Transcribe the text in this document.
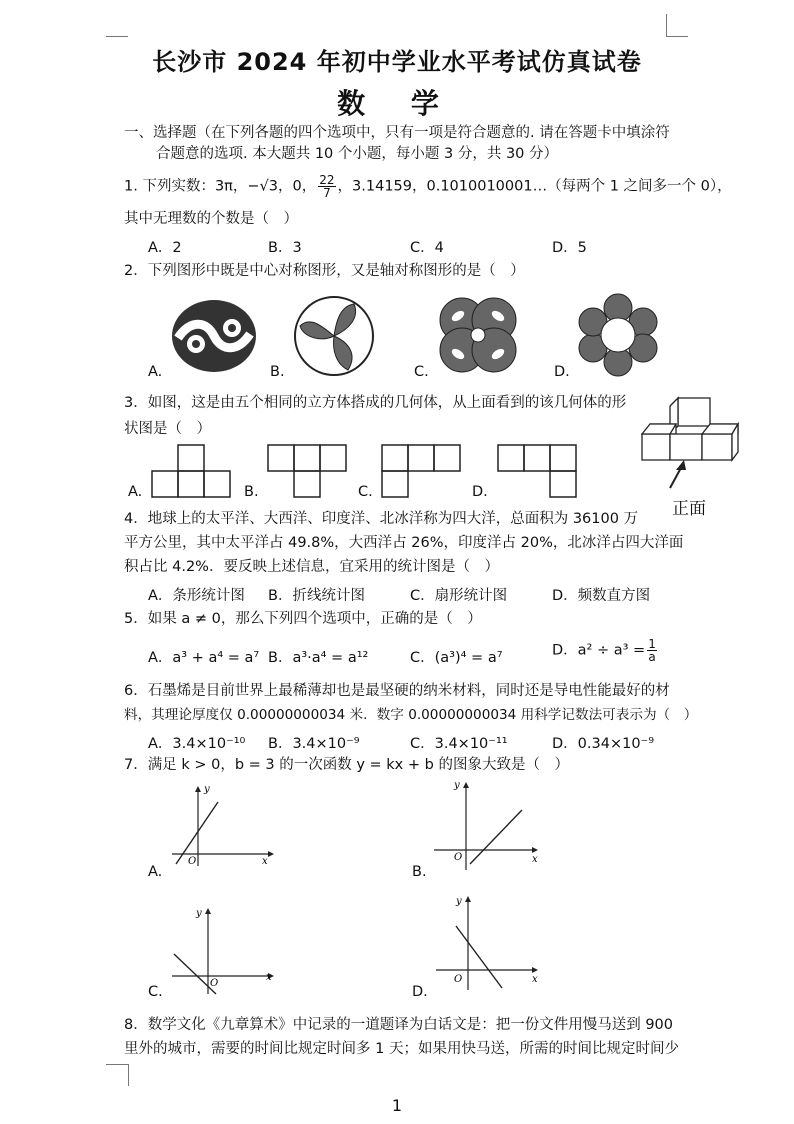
长沙市 2024 年初中学业水平考试仿真试卷
数 学
一、选择题（在下列各题的四个选项中，只有一项是符合题意的. 请在答题卡中填涂符
合题意的选项. 本大题共 10 个小题，每小题 3 分，共 30 分）
1. 下列实数：3π，−√3，0， $\frac{22}{7}$ ，3.14159，0.1010010001…（每两个 1 之间多一个 0），
其中无理数的个数是（　）
A．2	B．3	C．4	D．5
2．下列图形中既是中心对称图形，又是轴对称图形的是（　）
A.	B.	C.	D.
3．如图，这是由五个相同的立方体搭成的几何体，从上面看到的该几何体的形
状图是（　）
A.	B.	C.	D.
正面
4．地球上的太平洋、大西洋、印度洋、北冰洋称为四大洋，总面积为 36100 万
平方公里，其中太平洋占 49.8%，大西洋占 26%，印度洋占 20%，北冰洋占四大洋面
积占比 4.2%．要反映上述信息，宜采用的统计图是（　）
A．条形统计图 B．折线统计图	C．扇形统计图	D．频数直方图
5．如果 a ≠ 0，那么下列四个选项中，正确的是（　）
A．a³ + a⁴ = a⁷ B．a³·a⁴ = a¹²	C．(a³)⁴ = a⁷	D．$a^2 \div a^3 = \frac{1}{a}$
6．石墨烯是目前世界上最稀薄却也是最坚硬的纳米材料，同时还是导电性能最好的材
料，其理论厚度仅 0.00000000034 米．数字 0.00000000034 用科学记数法可表示为（　）
A．3.4×10⁻¹⁰ B．3.4×10⁻⁹	C．3.4×10⁻¹¹	D．0.34×10⁻⁹
7．满足 k > 0，b = 3 的一次函数 y = kx + b 的图象大致是（　）
y
x
O
A.
y
x
O
B.
y
x
O
C.
y
x
O
D.
8．数学文化《九章算术》中记录的一道题译为白话文是：把一份文件用慢马送到 900
里外的城市，需要的时间比规定时间多 1 天；如果用快马送，所需的时间比规定时间少
1
